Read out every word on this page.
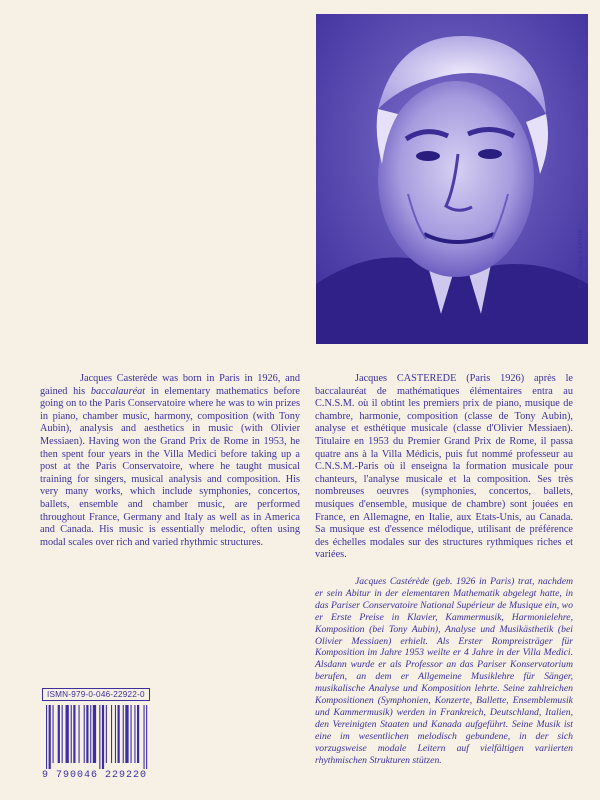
Photo Jean SANSON

Jacques Casterède was born in Paris in 1926, and gained his baccalauréat in elementary mathematics before going on to the Paris Conservatoire where he was to win prizes in piano, chamber music, harmony, composition (with Tony Aubin), analysis and aesthetics in music (with Olivier Messiaen). Having won the Grand Prix de Rome in 1953, he then spent four years in the Villa Medici before taking up a post at the Paris Conservatoire, where he taught musical training for singers, musical analysis and composition. His very many works, which include symphonies, concertos, ballets, ensemble and chamber music, are performed throughout France, Germany and Italy as well as in America and Canada. His music is essentially melodic, often using modal scales over rich and varied rhythmic structures.

Jacques CASTEREDE (Paris 1926) après le baccalauréat de mathématiques élémentaires entra au C.N.S.M. où il obtint les premiers prix de piano, musique de chambre, harmonie, composition (classe de Tony Aubin), analyse et esthétique musicale (classe d'Olivier Messiaen). Titulaire en 1953 du Premier Grand Prix de Rome, il passa quatre ans à la Villa Médicis, puis fut nommé professeur au C.N.S.M.-Paris où il enseigna la formation musicale pour chanteurs, l'analyse musicale et la composition. Ses très nombreuses oeuvres (symphonies, concertos, ballets, musiques d'ensemble, musique de chambre) sont jouées en France, en Allemagne, en Italie, aux Etats-Unis, au Canada. Sa musique est d'essence mélodique, utilisant de préférence des échelles modales sur des structures rythmiques riches et variées.

Jacques Castérède (geb. 1926 in Paris) trat, nachdem er sein Abitur in der elementaren Mathematik abgelegt hatte, in das Pariser Conservatoire National Supérieur de Musique ein, wo er Erste Preise in Klavier, Kammermusik, Harmonielehre, Komposition (bei Tony Aubin), Analyse und Musikästhetik (bei Olivier Messiaen) erhielt. Als Erster Rompreisträger für Komposition im Jahre 1953 weilte er 4 Jahre in der Villa Medici. Alsdann wurde er als Professor an das Pariser Konservatorium berufen, an dem er Allgemeine Musiklehre für Sänger, musikalische Analyse und Komposition lehrte. Seine zahlreichen Kompositionen (Symphonien, Konzerte, Ballette, Ensemblemusik und Kammermusik) werden in Frankreich, Deutschland, Italien, den Vereinigten Staaten und Kanada aufgeführt. Seine Musik ist eine im wesentlichen melodisch gebundene, in der sich vorzugsweise modale Leitern auf vielfältigen variierten rhythmischen Strukturen stützen.

ISMN-979-0-046-22922-0
9 790046 229220
